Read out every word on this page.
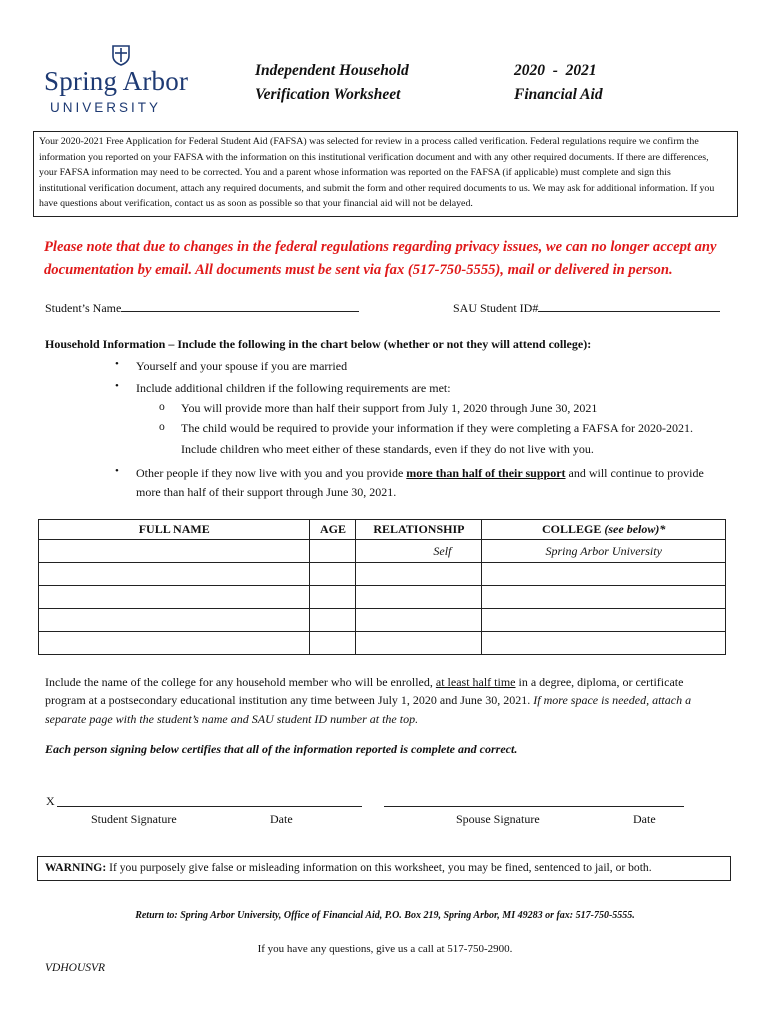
Spring Arbor
UNIVERSITY
Independent Household
Verification Worksheet
2020  -  2021
Financial Aid
Your 2020-2021 Free Application for Federal Student Aid (FAFSA) was selected for review in a process called verification. Federal regulations require we confirm the
information you reported on your FAFSA with the information on this institutional verification document and with any other required documents. If there are differences,
your FAFSA information may need to be corrected. You and a parent whose information was reported on the FAFSA (if applicable) must complete and sign this
institutional verification document, attach any required documents, and submit the form and other required documents to us. We may ask for additional information. If you
have questions about verification, contact us as soon as possible so that your financial aid will not be delayed.
Please note that due to changes in the federal regulations regarding privacy issues, we can no longer accept any
documentation by email. All documents must be sent via fax (517-750-5555), mail or delivered in person.
Student’s Name	SAU Student ID#
Household Information – Include the following in the chart below (whether or not they will attend college):
• Yourself and your spouse if you are married
• Include additional children if the following requirements are met:
o You will provide more than half their support from July 1, 2020 through June 30, 2021
o The child would be required to provide your information if they were completing a FAFSA for 2020-2021.
Include children who meet either of these standards, even if they do not live with you.
• Other people if they now live with you and you provide more than half of their support and will continue to provide
more than half of their support through June 30, 2021.
FULL NAME	AGE	RELATIONSHIP	COLLEGE (see below)*
		Self	Spring Arbor University

Include the name of the college for any household member who will be enrolled, at least half time in a degree, diploma, or certificate
program at a postsecondary educational institution any time between July 1, 2020 and June 30, 2021. If more space is needed, attach a
separate page with the student’s name and SAU student ID number at the top.
Each person signing below certifies that all of the information reported is complete and correct.
X
Student Signature	Date	Spouse Signature	Date
WARNING: If you purposely give false or misleading information on this worksheet, you may be fined, sentenced to jail, or both.
Return to: Spring Arbor University, Office of Financial Aid, P.O. Box 219, Spring Arbor, MI 49283 or fax: 517-750-5555.
If you have any questions, give us a call at 517-750-2900.
VDHOUSVR
